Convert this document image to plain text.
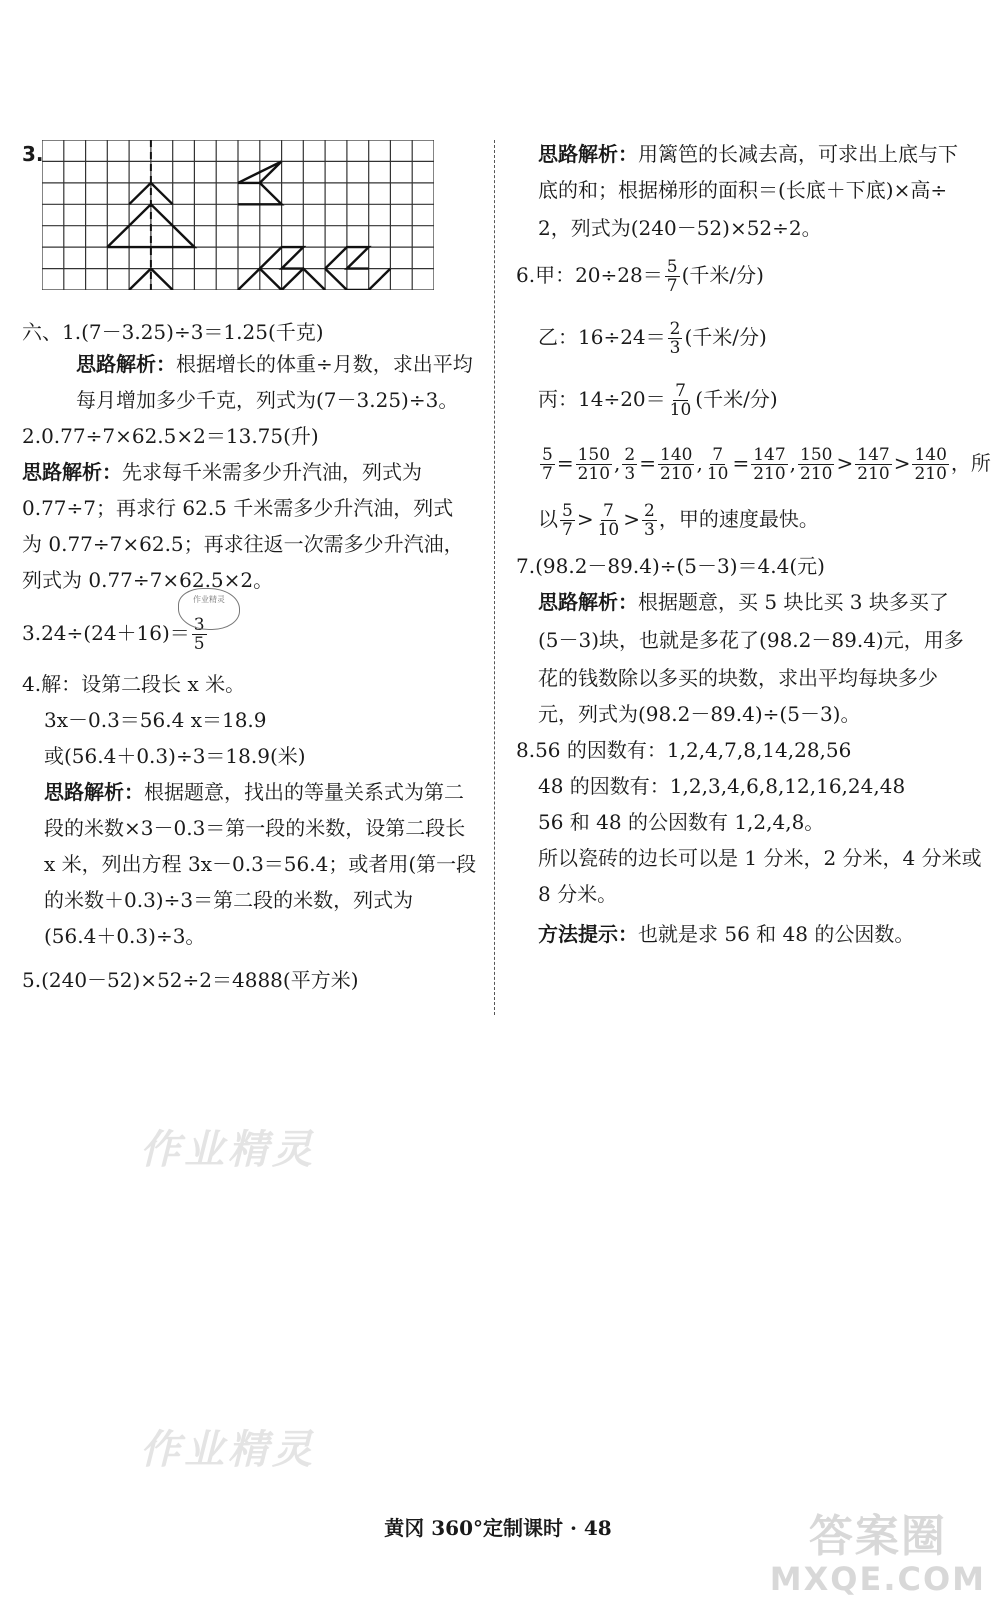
3.
六、1.(7－3.25)÷3＝1.25(千克)
思路解析：根据增长的体重÷月数，求出平均
每月增加多少千克，列式为(7－3.25)÷3。
2.0.77÷7×62.5×2＝13.75(升)
思路解析：先求每千米需多少升汽油，列式为
0.77÷7；再求行 62.5 千米需多少升汽油，列式
为 0.77÷7×62.5；再求往返一次需多少升汽油，
列式为 0.77÷7×62.5×2。
$3.24\div(24+16)= \frac{3}{5}$
4.解：设第二段长 x 米。
3x－0.3＝56.4 x＝18.9
或(56.4＋0.3)÷3＝18.9(米)
思路解析：根据题意，找出的等量关系式为第二
段的米数×3－0.3＝第一段的米数，设第二段长
x 米，列出方程 3x－0.3＝56.4；或者用(第一段
的米数＋0.3)÷3＝第二段的米数，列式为
(56.4＋0.3)÷3。
5.(240－52)×52÷2＝4888(平方米)
作业精灵
思路解析：用篱笆的长减去高，可求出上底与下
底的和；根据梯形的面积＝(长底＋下底)×高÷
2，列式为(240－52)×52÷2。
6.甲：$20\div 28= \frac{5}{7}$ (千米/分)
乙：$16\div 24= \frac{2}{3}$ (千米/分)
丙：$14\div 20= \frac{7}{10}$ (千米/分)
$\frac{5}{7} = \frac{150}{210}$ , $\frac{2}{3} = \frac{140}{210}$ , $\frac{7}{10} = \frac{147}{210}$ , $\frac{150}{210} > \frac{147}{210} > \frac{140}{210}$ ，所
以 $\frac{5}{7} > \frac{7}{10} > \frac{2}{3}$ ，甲的速度最快。
7.(98.2－89.4)÷(5－3)＝4.4(元)
思路解析：根据题意，买 5 块比买 3 块多买了
(5－3)块，也就是多花了(98.2－89.4)元，用多
花的钱数除以多买的块数，求出平均每块多少
元，列式为(98.2－89.4)÷(5－3)。
8.56 的因数有：1,2,4,7,8,14,28,56
48 的因数有：1,2,3,4,6,8,12,16,24,48
56 和 48 的公因数有 1,2,4,8。
所以瓷砖的边长可以是 1 分米，2 分米，4 分米或
8 分米。
方法提示：也就是求 56 和 48 的公因数。
作业精灵
作业精灵
黄冈 360°定制课时 · 48	答案圈
MXQE.COM
